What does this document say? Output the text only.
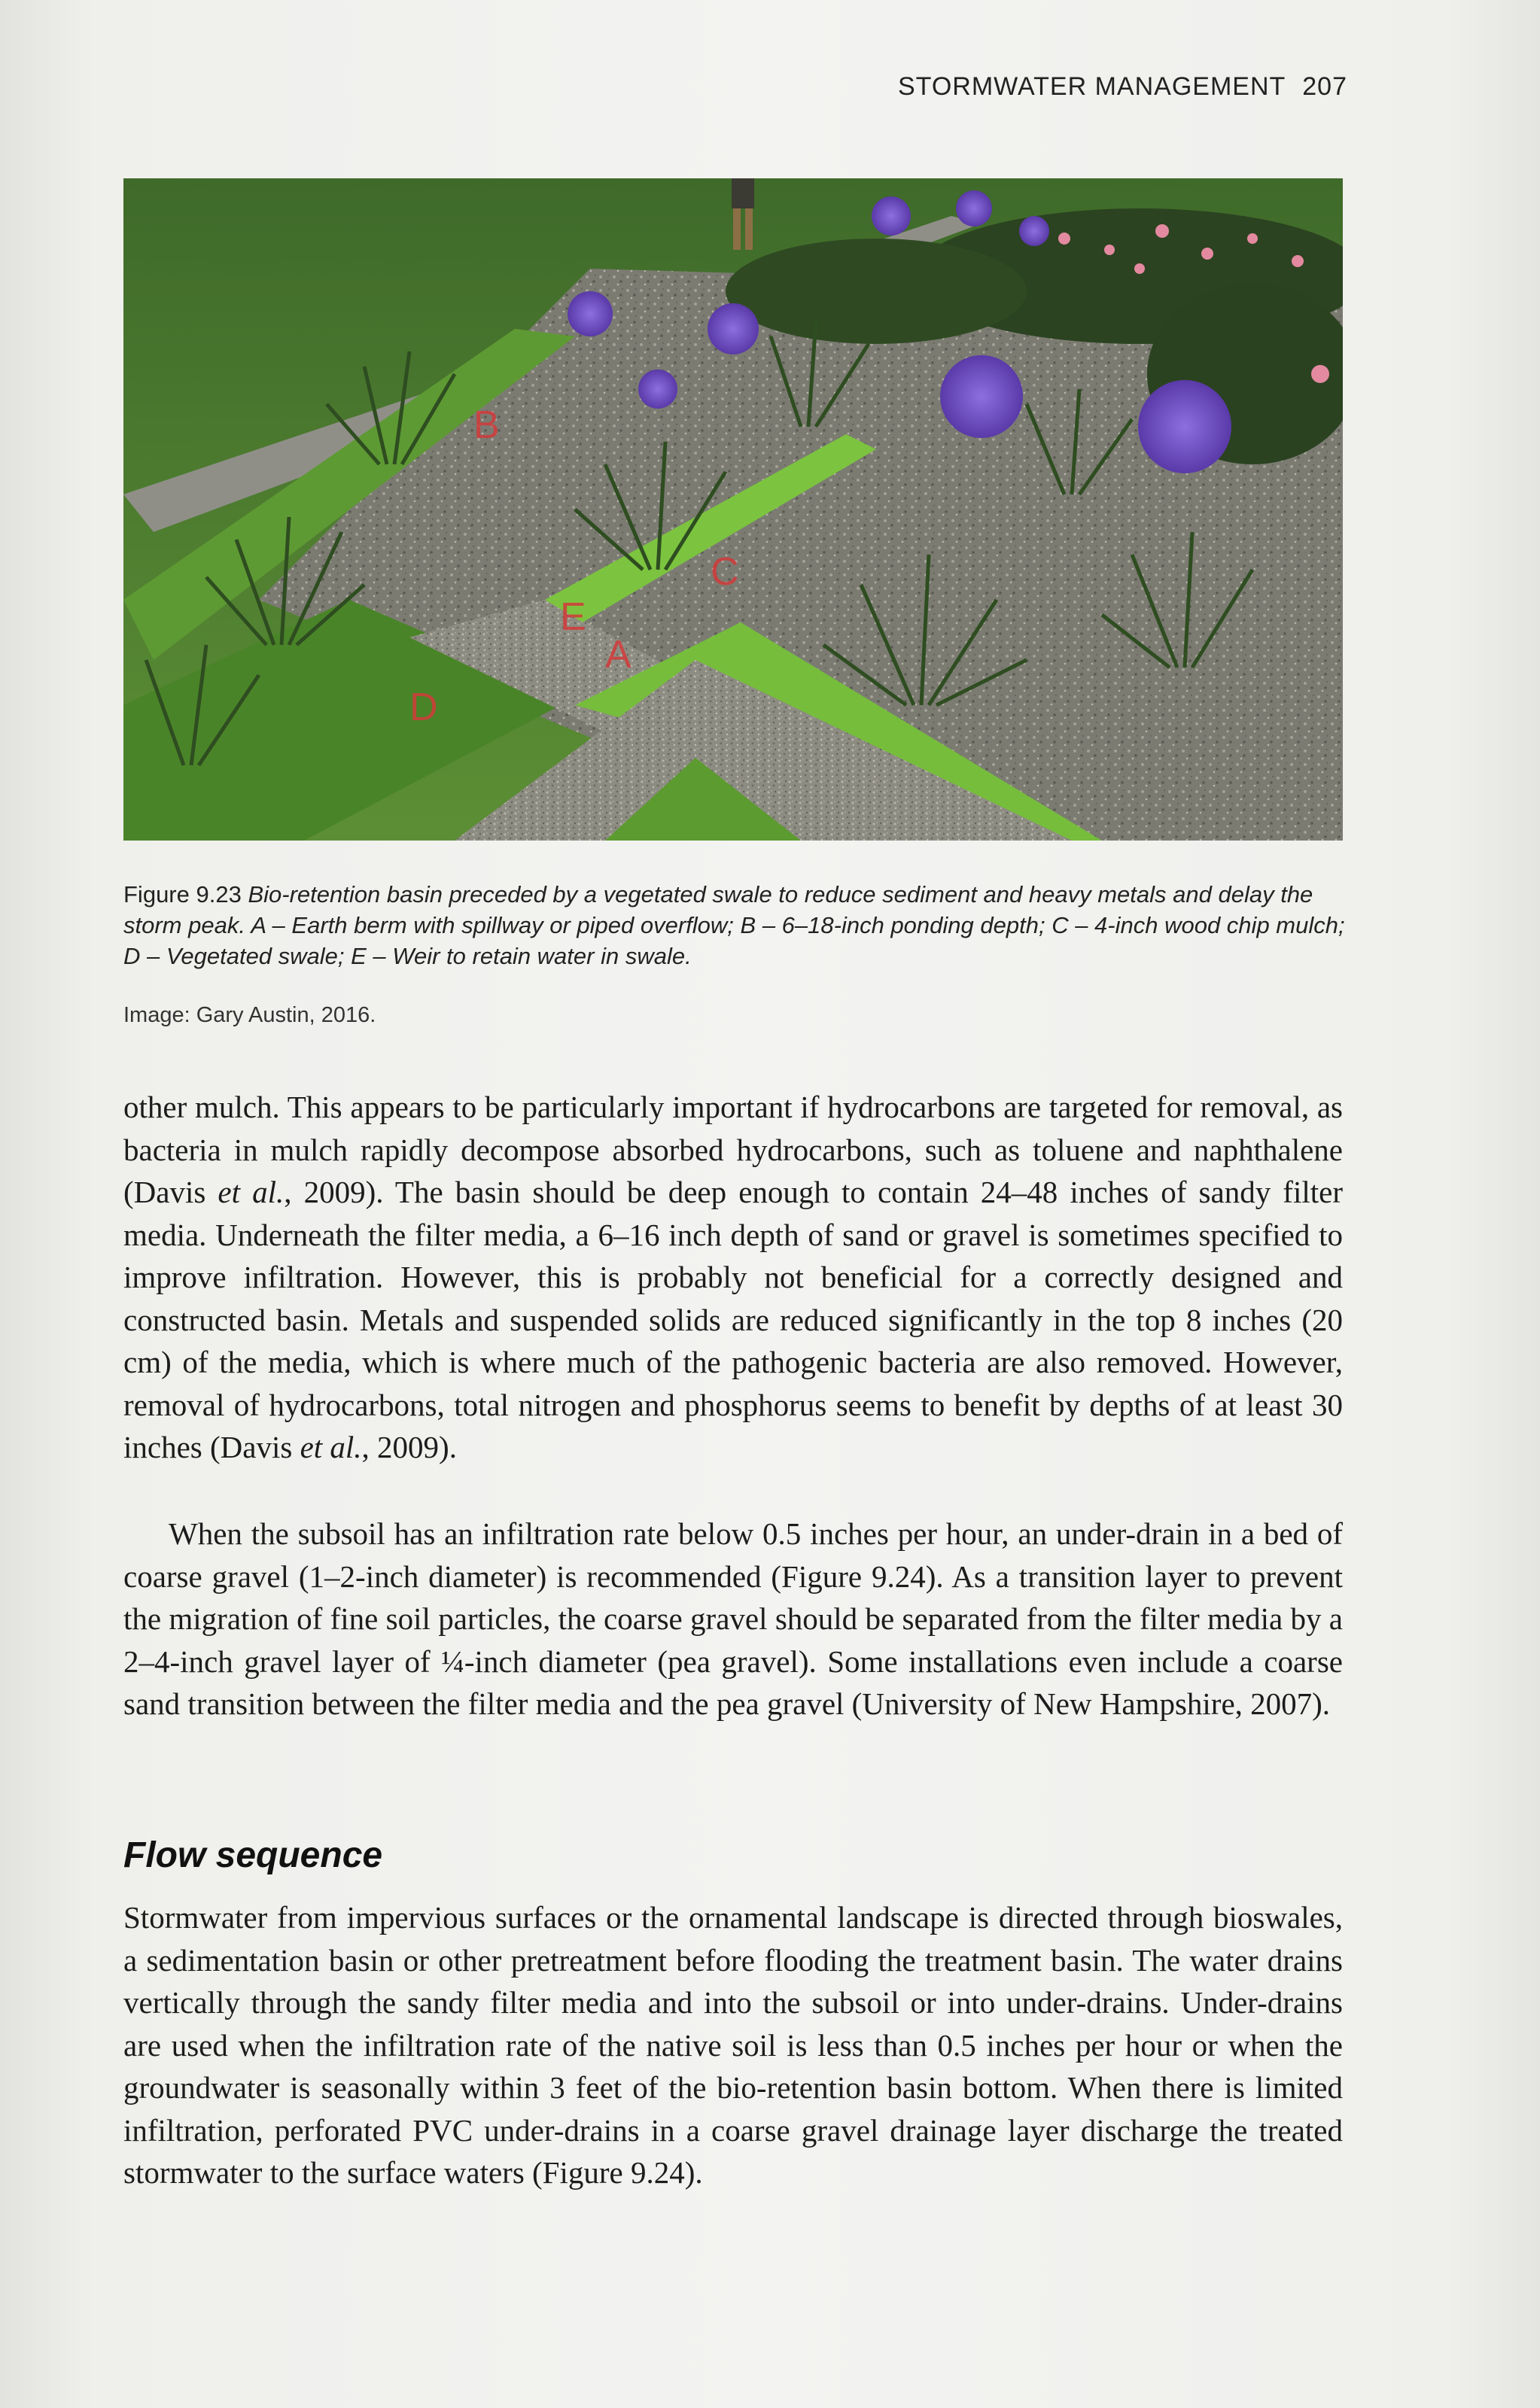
STORMWATER MANAGEMENT 207
A
B
C
D
E
Figure 9.23 Bio-retention basin preceded by a vegetated swale to reduce sediment and heavy metals and delay the storm peak. A – Earth berm with spillway or piped overflow; B – 6–18-inch ponding depth; C – 4-inch wood chip mulch; D – Vegetated swale; E – Weir to retain water in swale.
Image: Gary Austin, 2016.

other mulch. This appears to be particularly important if hydrocarbons are targeted for removal, as bacteria in mulch rapidly decompose absorbed hydrocarbons, such as toluene and naphthalene (Davis et al., 2009). The basin should be deep enough to contain 24–48 inches of sandy filter media. Underneath the filter media, a 6–16 inch depth of sand or gravel is sometimes specified to improve infiltration. However, this is probably not beneficial for a correctly designed and constructed basin. Metals and suspended solids are reduced significantly in the top 8 inches (20 cm) of the media, which is where much of the pathogenic bacteria are also removed. However, removal of hydrocarbons, total nitrogen and phosphorus seems to benefit by depths of at least 30 inches (Davis et al., 2009).

When the subsoil has an infiltration rate below 0.5 inches per hour, an under-drain in a bed of coarse gravel (1–2-inch diameter) is recommended (Figure 9.24). As a transition layer to prevent the migration of fine soil particles, the coarse gravel should be separated from the filter media by a 2–4-inch gravel layer of ¼-inch diameter (pea gravel). Some installations even include a coarse sand transition between the filter media and the pea gravel (University of New Hampshire, 2007).

Flow sequence

Stormwater from impervious surfaces or the ornamental landscape is directed through bioswales, a sedimentation basin or other pretreatment before flooding the treatment basin. The water drains vertically through the sandy filter media and into the subsoil or into under-drains. Under-drains are used when the infiltration rate of the native soil is less than 0.5 inches per hour or when the groundwater is seasonally within 3 feet of the bio-retention basin bottom. When there is limited infiltration, perforated PVC under-drains in a coarse gravel drainage layer discharge the treated stormwater to the surface waters (Figure 9.24).
